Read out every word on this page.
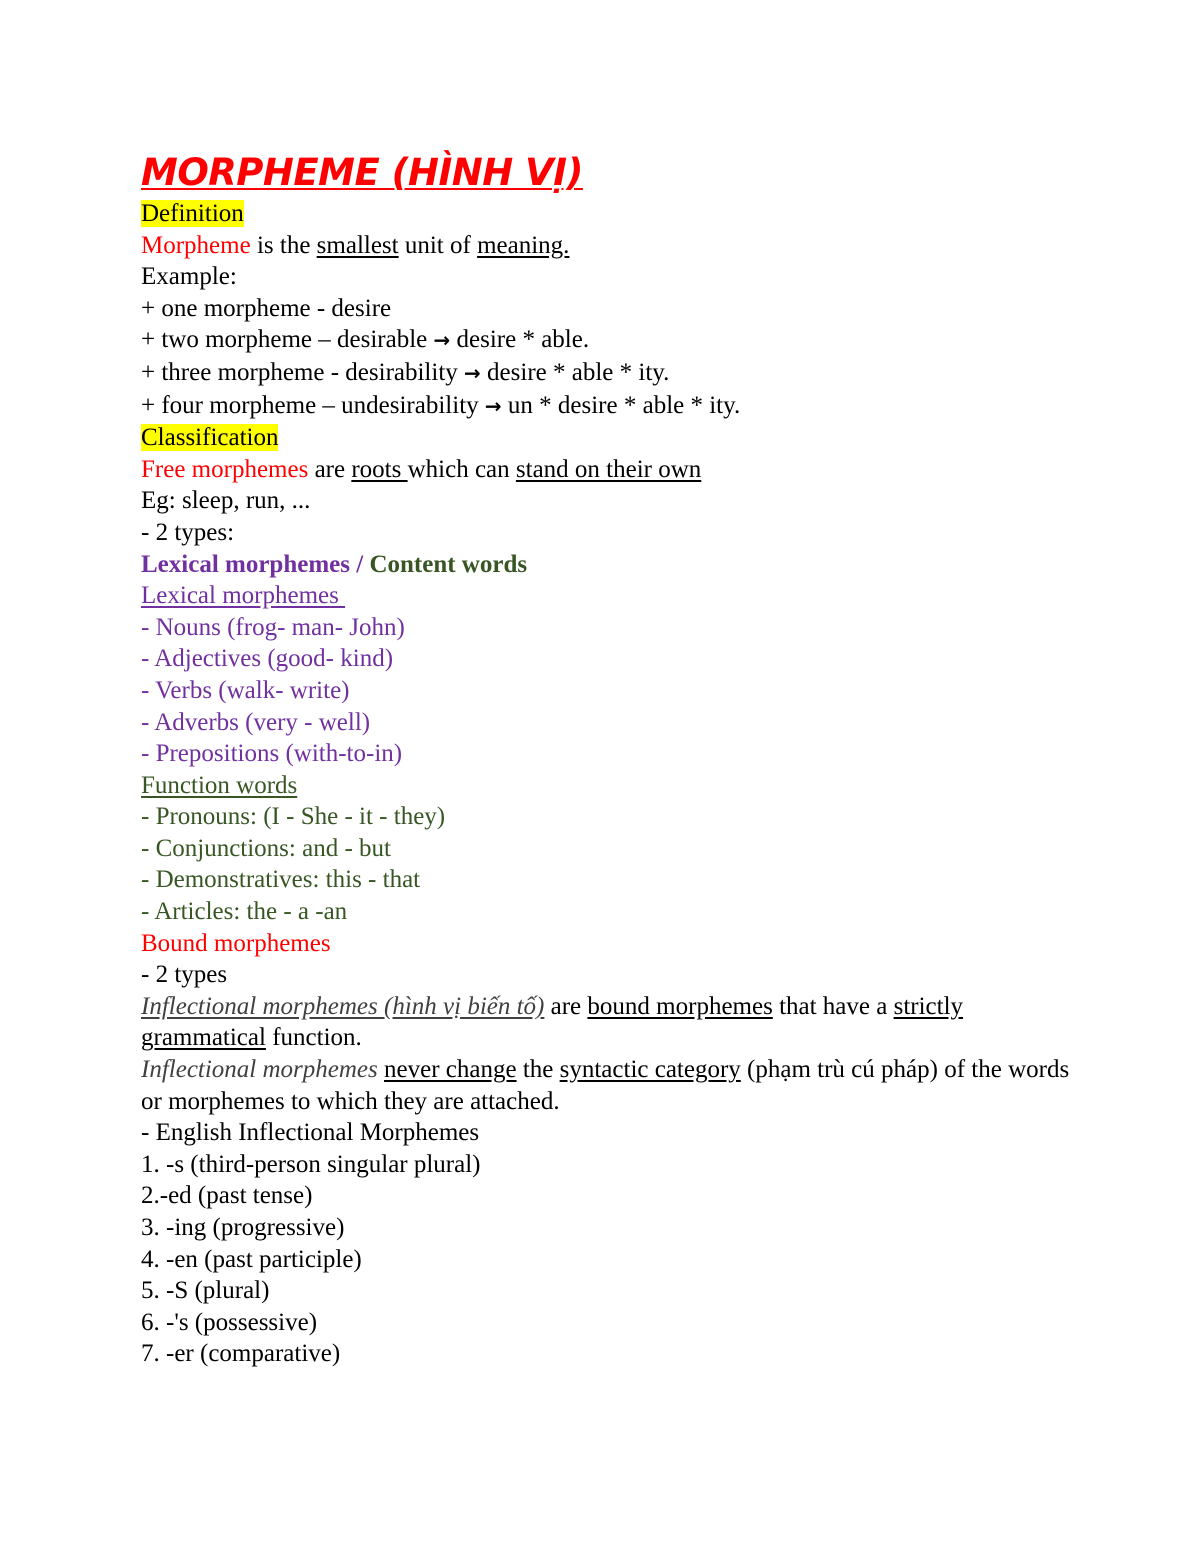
MORPHEME (HÌNH VỊ)
Definition
Morpheme is the smallest unit of meaning.
Example:
+ one morpheme - desire
+ two morpheme – desirable → desire * able.
+ three morpheme - desirability → desire * able * ity.
+ four morpheme – undesirability → un * desire * able * ity.
Classification
Free morphemes are roots which can stand on their own
Eg: sleep, run, ...
- 2 types:
Lexical morphemes / Content words
Lexical morphemes
- Nouns (frog- man- John)
- Adjectives (good- kind)
- Verbs (walk- write)
- Adverbs (very - well)
- Prepositions (with-to-in)
Function words
- Pronouns: (I - She - it - they)
- Conjunctions: and - but
- Demonstratives: this - that
- Articles: the - a -an
Bound morphemes
- 2 types
Inflectional morphemes (hình vị biến tố) are bound morphemes that have a strictly grammatical function.
Inflectional morphemes never change the syntactic category (phạm trù cú pháp) of the words or morphemes to which they are attached.
- English Inflectional Morphemes
1. -s (third-person singular plural)
2.-ed (past tense)
3. -ing (progressive)
4. -en (past participle)
5. -S (plural)
6. -'s (possessive)
7. -er (comparative)
